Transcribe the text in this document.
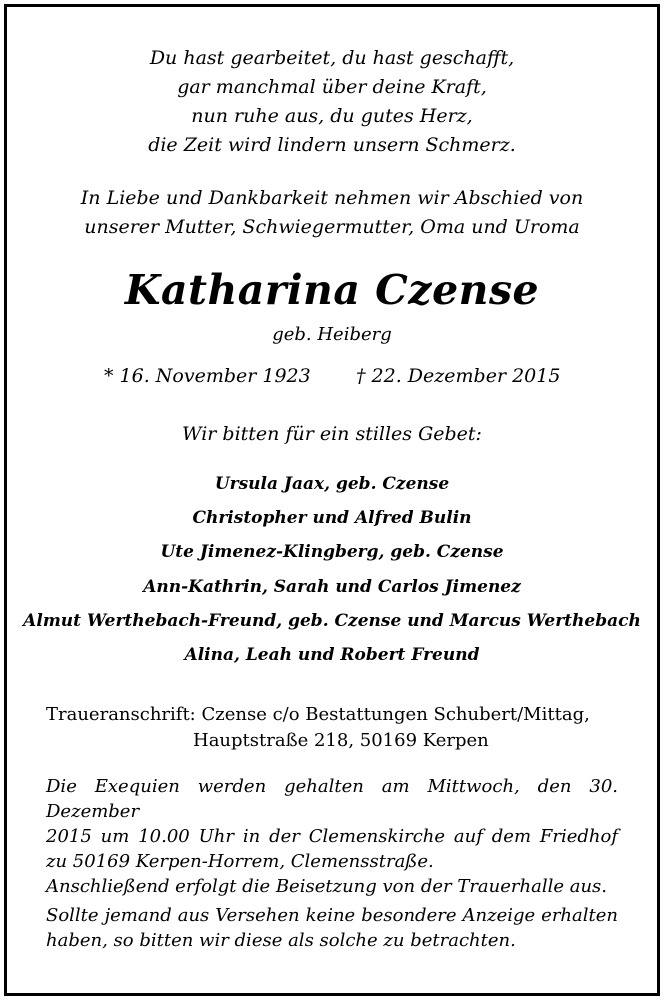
Du hast gearbeitet, du hast geschafft,
gar manchmal über deine Kraft,
nun ruhe aus, du gutes Herz,
die Zeit wird lindern unsern Schmerz.
In Liebe und Dankbarkeit nehmen wir Abschied von
unserer Mutter, Schwiegermutter, Oma und Uroma
Katharina Czense
geb. Heiberg
* 16. November 1923 † 22. Dezember 2015
Wir bitten für ein stilles Gebet:
Ursula Jaax, geb. Czense
Christopher und Alfred Bulin
Ute Jimenez-Klingberg, geb. Czense
Ann-Kathrin, Sarah und Carlos Jimenez
Almut Werthebach-Freund, geb. Czense und Marcus Werthebach
Alina, Leah und Robert Freund
Traueranschrift: Czense c/o Bestattungen Schubert/Mittag,
Hauptstraße 218, 50169 Kerpen
Die Exequien werden gehalten am Mittwoch, den 30. Dezember
2015 um 10.00 Uhr in der Clemenskirche auf dem Friedhof
zu 50169 Kerpen-Horrem, Clemensstraße.
Anschließend erfolgt die Beisetzung von der Trauerhalle aus.
Sollte jemand aus Versehen keine besondere Anzeige erhalten
haben, so bitten wir diese als solche zu betrachten.
